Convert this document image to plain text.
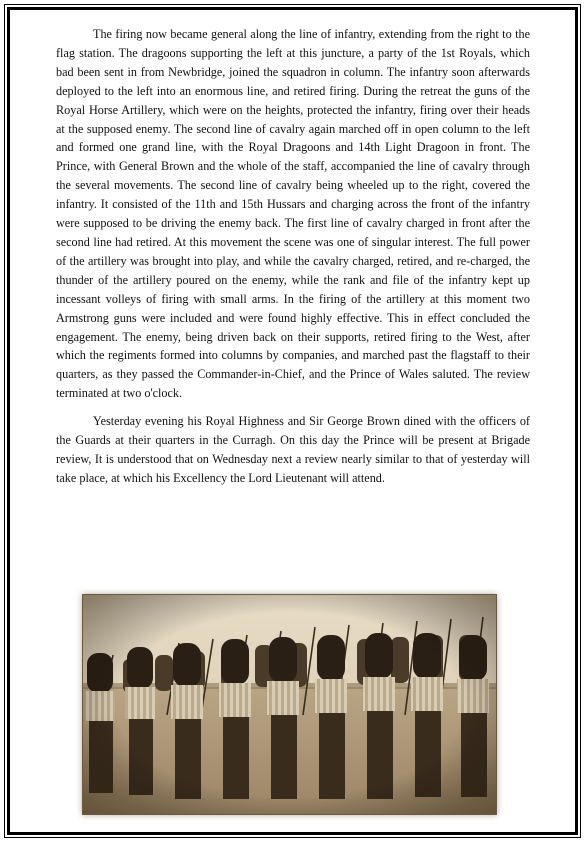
The firing now became general along the line of infantry, extending from the right to the flag station. The dragoons supporting the left at this juncture, a party of the 1st Royals, which bad been sent in from Newbridge, joined the squadron in column. The infantry soon afterwards deployed to the left into an enormous line, and retired firing. During the retreat the guns of the Royal Horse Artillery, which were on the heights, protected the infantry, firing over their heads at the supposed enemy. The second line of cavalry again marched off in open column to the left and formed one grand line, with the Royal Dragoons and 14th Light Dragoon in front. The Prince, with General Brown and the whole of the staff, accompanied the line of cavalry through the several movements. The second line of cavalry being wheeled up to the right, covered the infantry. It consisted of the 11th and 15th Hussars and charging across the front of the infantry were supposed to be driving the enemy back. The first line of cavalry charged in front after the second line had retired. At this movement the scene was one of singular interest. The full power of the artillery was brought into play, and while the cavalry charged, retired, and re-charged, the thunder of the artillery poured on the enemy, while the rank and file of the infantry kept up incessant volleys of firing with small arms. In the firing of the artillery at this moment two Armstrong guns were included and were found highly effective. This in effect concluded the engagement. The enemy, being driven back on their supports, retired firing to the West, after which the regiments formed into columns by companies, and marched past the flagstaff to their quarters, as they passed the Commander-in-Chief, and the Prince of Wales saluted. The review terminated at two o'clock.

Yesterday evening his Royal Highness and Sir George Brown dined with the officers of the Guards at their quarters in the Curragh. On this day the Prince will be present at Brigade review, It is understood that on Wednesday next a review nearly similar to that of yesterday will take place, at which his Excellency the Lord Lieutenant will attend.
